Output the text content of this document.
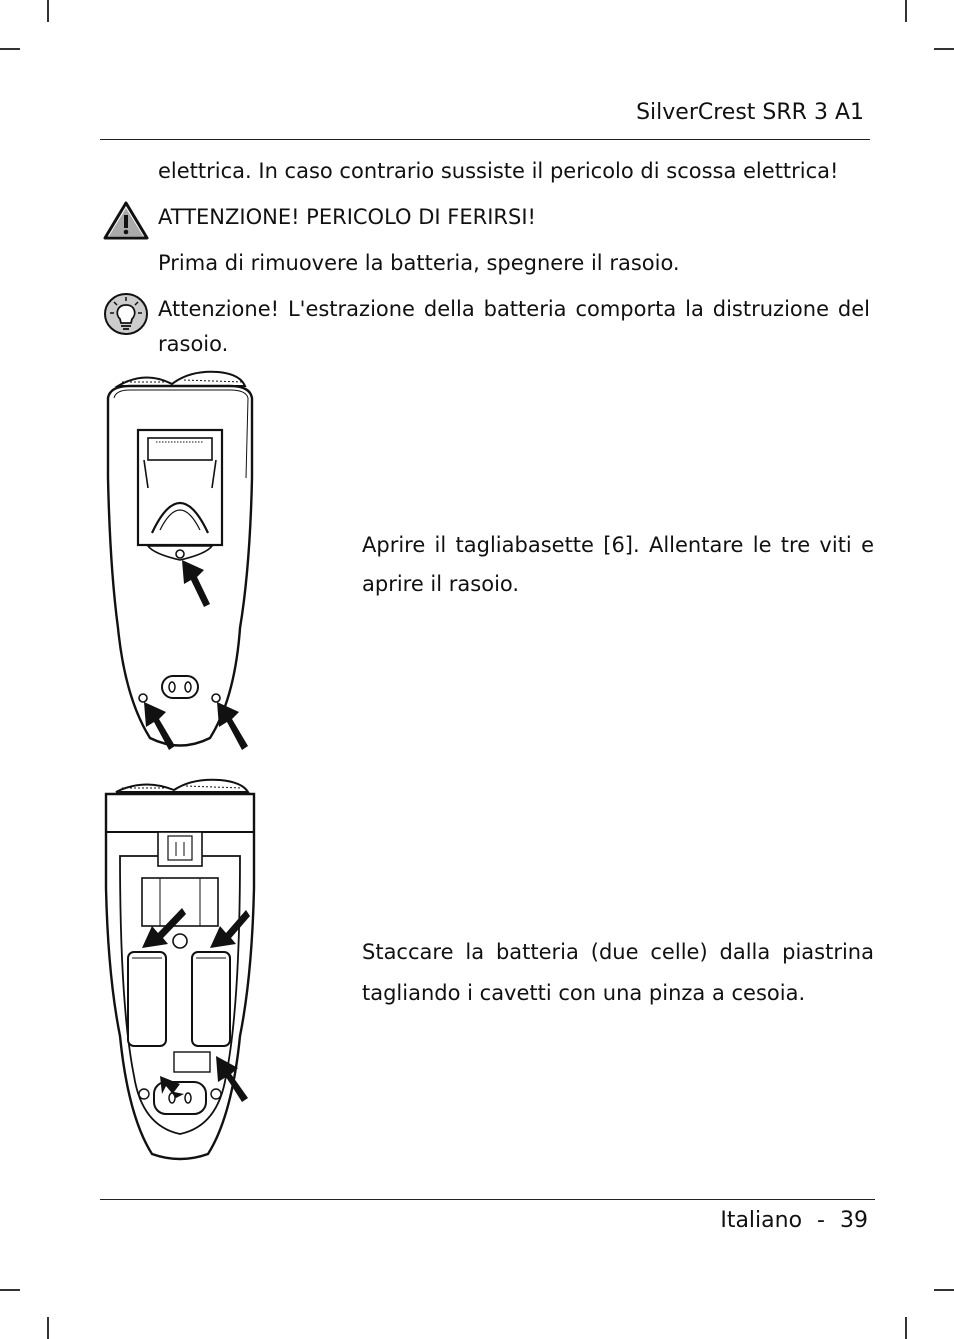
SilverCrest SRR 3 A1
elettrica. In caso contrario sussiste il pericolo di scossa elettrica!
ATTENZIONE! PERICOLO DI FERIRSI!
Prima di rimuovere la batteria, spegnere il rasoio.
Attenzione! L'estrazione della batteria comporta la distruzione del rasoio.
Aprire il tagliabasette [6]. Allentare le tre viti e aprire il rasoio.
Staccare la batteria (due celle) dalla piastrina tagliando i cavetti con una pinza a cesoia.
Italiano - 39
